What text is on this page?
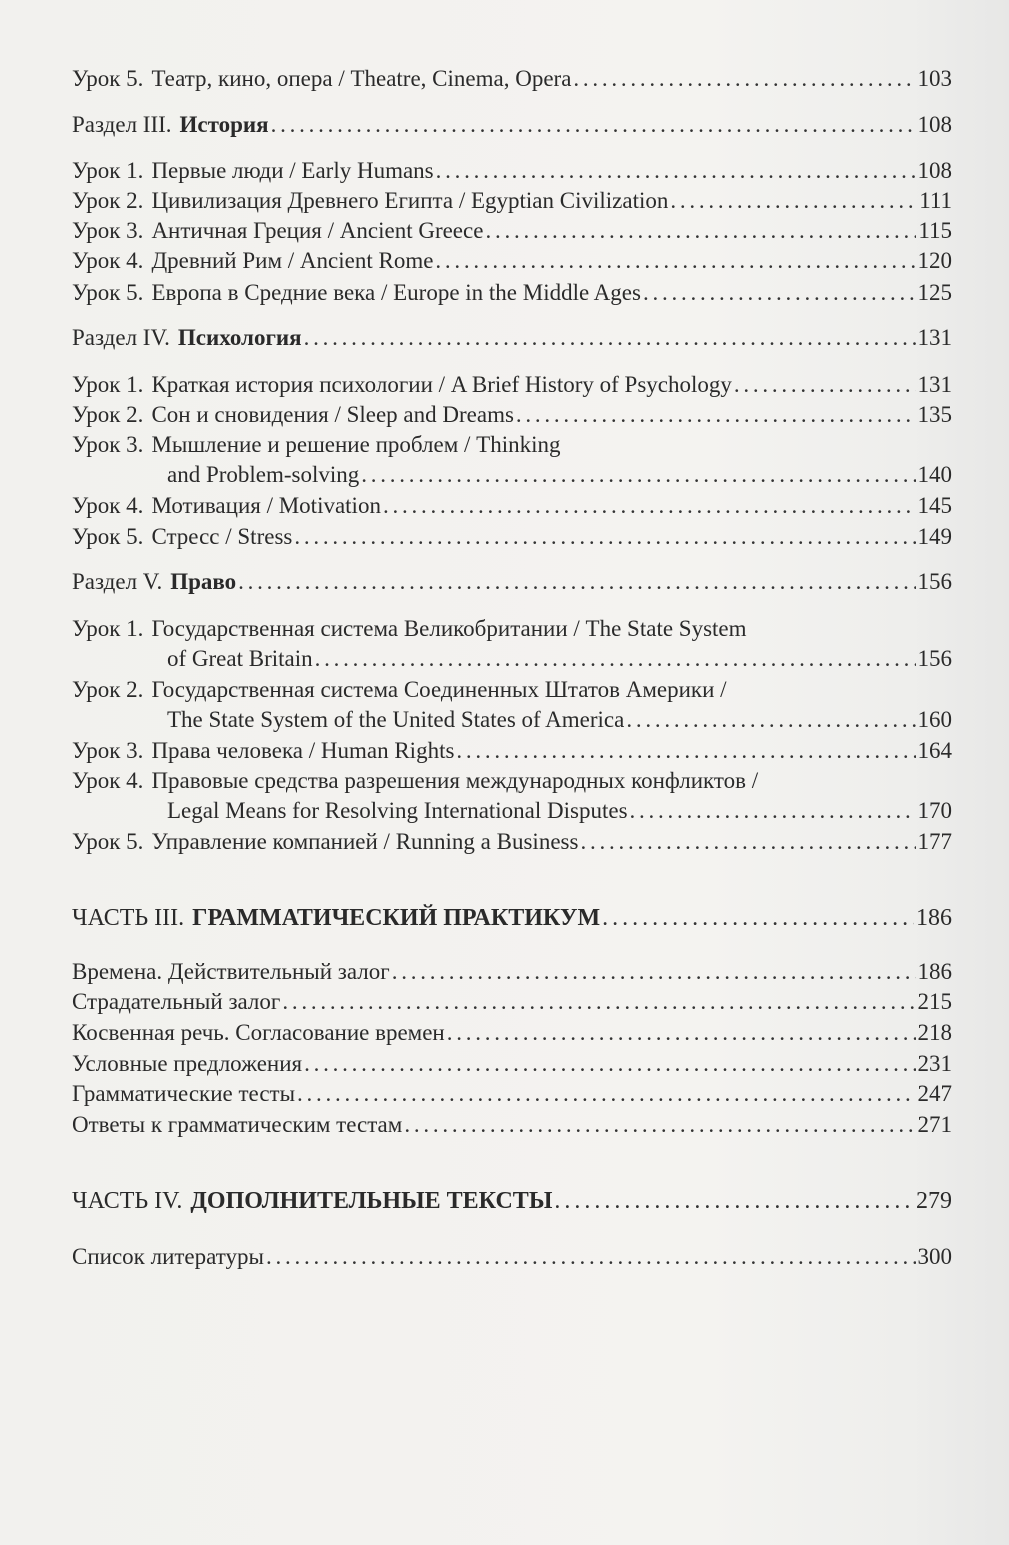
Урок 5. Театр, кино, опера / Theatre, Cinema, Opera . . .	103
Раздел III. История . . .	108
Урок 1. Первые люди / Early Humans . . .	108
Урок 2. Цивилизация Древнего Египта / Egyptian Civilization . . .	111
Урок 3. Античная Греция / Ancient Greece . . .	115
Урок 4. Древний Рим / Ancient Rome . . .	120
Урок 5. Европа в Средние века / Europe in the Middle Ages . . .	125
Раздел IV. Психология . . .	131
Урок 1. Краткая история психологии / A Brief History of Psychology . . .	131
Урок 2. Сон и сновидения / Sleep and Dreams . . .	135
Урок 3. Мышление и решение проблем / Thinking
and Problem-solving . . .	140
Урок 4. Мотивация / Motivation . . .	145
Урок 5. Стресс / Stress . . .	149
Раздел V. Право . . .	156
Урок 1. Государственная система Великобритании / The State System
of Great Britain . . .	156
Урок 2. Государственная система Соединенных Штатов Америки /
The State System of the United States of America . . .	160
Урок 3. Права человека / Human Rights . . .	164
Урок 4. Правовые средства разрешения международных конфликтов /
Legal Means for Resolving International Disputes . . .	170
Урок 5. Управление компанией / Running a Business . . .	177
ЧАСТЬ III. ГРАММАТИЧЕСКИЙ ПРАКТИКУМ . . .	186
Времена. Действительный залог . . .	186
Страдательный залог . . .	215
Косвенная речь. Согласование времен . . .	218
Условные предложения . . .	231
Грамматические тесты . . .	247
Ответы к грамматическим тестам . . .	271
ЧАСТЬ IV. ДОПОЛНИТЕЛЬНЫЕ ТЕКСТЫ . . .	279
Список литературы . . .	300
